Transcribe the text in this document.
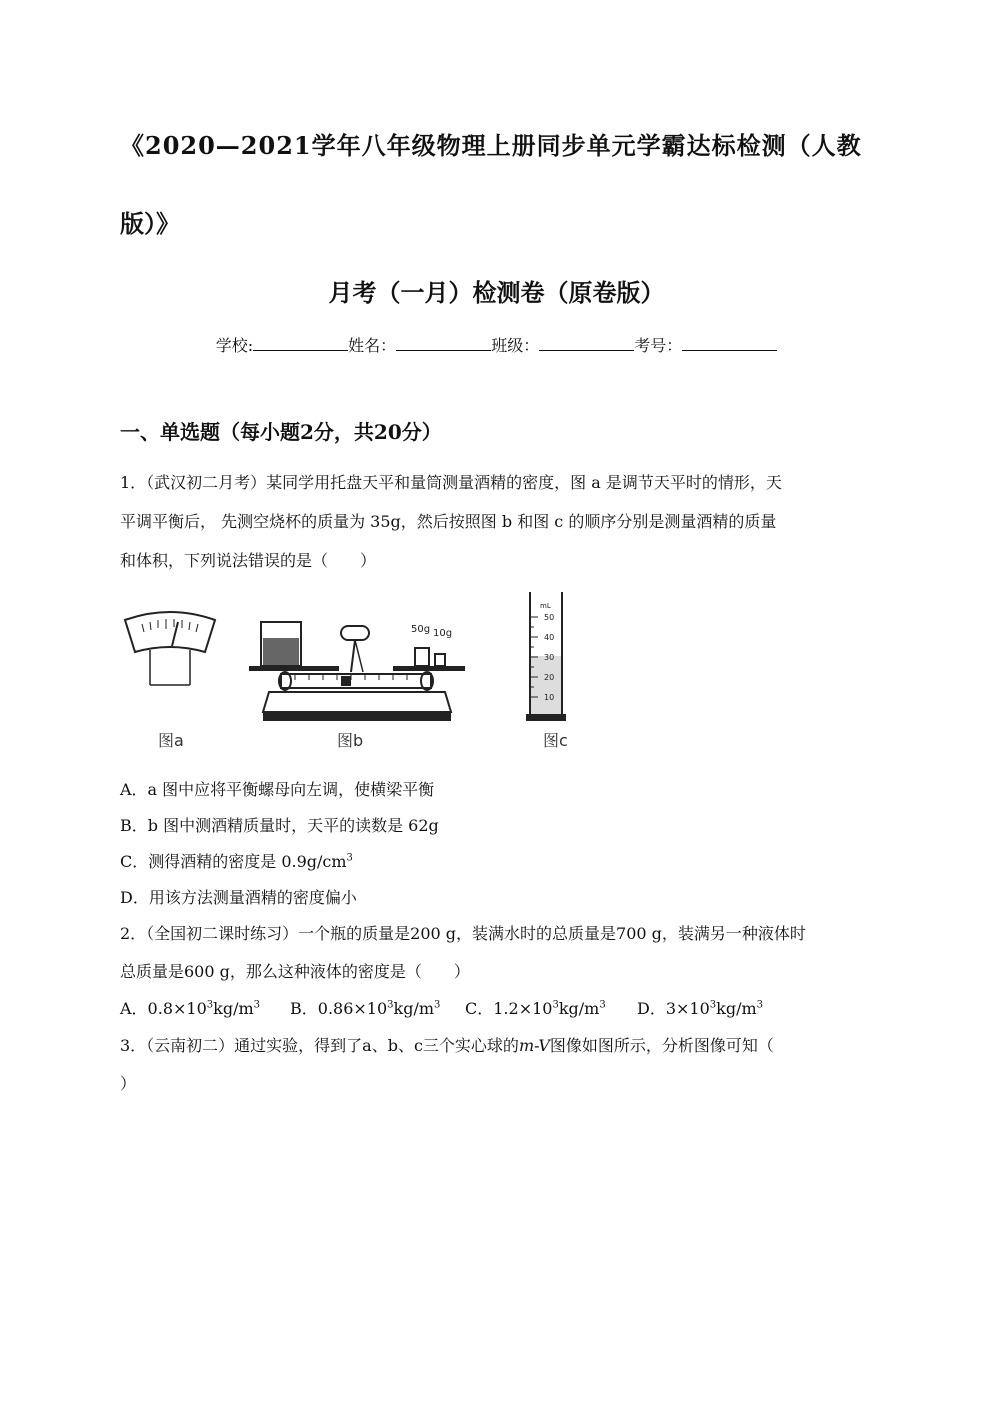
《2020—2021学年八年级物理上册同步单元学霸达标检测（人教
版）》
月考（一月）检测卷（原卷版）
学校:	姓名：	班级：	考号：
一、单选题（每小题2分，共20分）
1．（武汉初二月考）某同学用托盘天平和量筒测量酒精的密度，图 a 是调节天平时的情形，天
平调平衡后， 先测空烧杯的质量为 35g，然后按照图 b 和图 c 的顺序分别是测量酒精的质量
和体积，下列说法错误的是（　　）
图a
50g 10g
图b
mL
50
40
30
20
10
图c
A．a 图中应将平衡螺母向左调，使横梁平衡
B．b 图中测酒精质量时，天平的读数是 62g
C．测得酒精的密度是 $0.9g/cm^3$
D．用该方法测量酒精的密度偏小
2．（全国初二课时练习）一个瓶的质量是200 g，装满水时的总质量是700 g，装满另一种液体时
总质量是600 g，那么这种液体的密度是（　　）
A．$0.8\times 10^3kg/m^3$ B．$0.86\times 10^3kg/m^3$ C．$1.2\times 10^3kg/m^3$ D．$3\times 10^3kg/m^3$
3．（云南初二）通过实验，得到了a、b、c三个实心球的m-V图像如图所示，分析图像可知（
）
